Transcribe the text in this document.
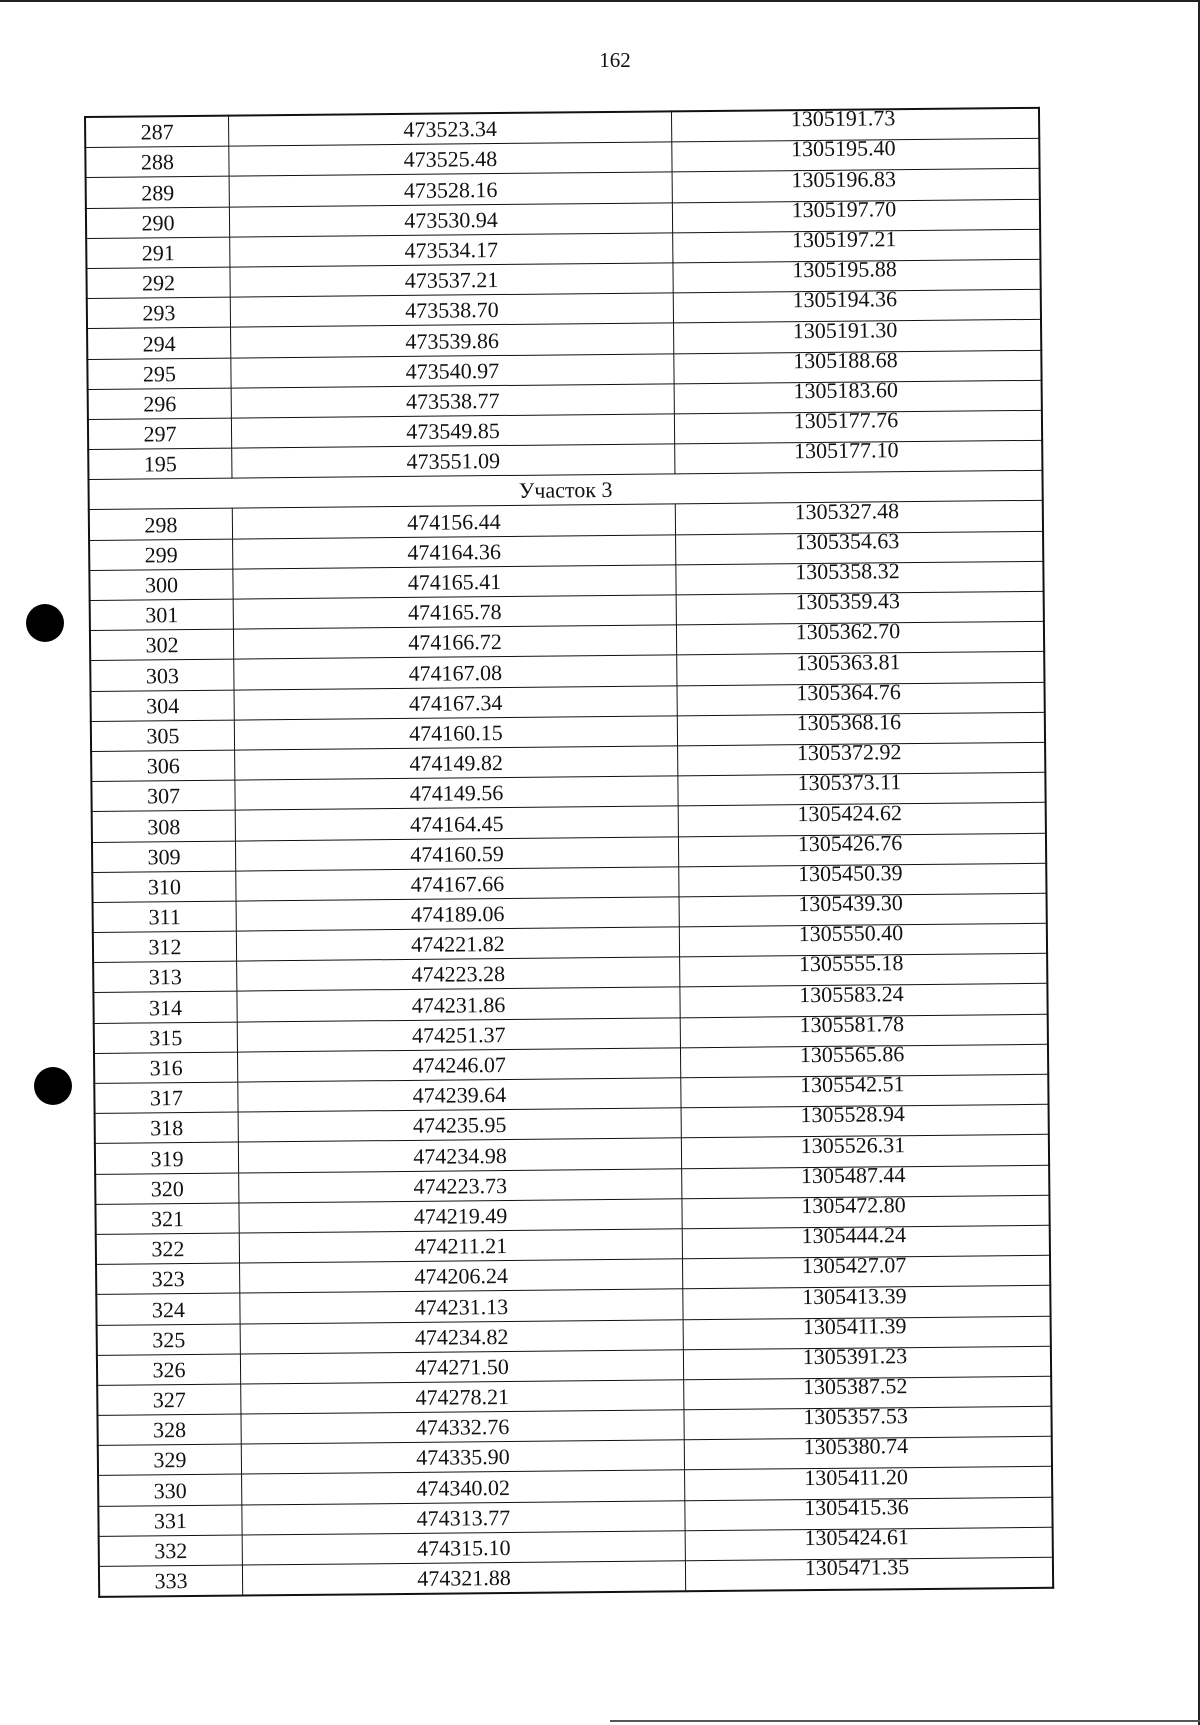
162
287	473523.34	1305191.73
288	473525.48	1305195.40
289	473528.16	1305196.83
290	473530.94	1305197.70
291	473534.17	1305197.21
292	473537.21	1305195.88
293	473538.70	1305194.36
294	473539.86	1305191.30
295	473540.97	1305188.68
296	473538.77	1305183.60
297	473549.85	1305177.76
195	473551.09	1305177.10
Участок 3		
298	474156.44	1305327.48
299	474164.36	1305354.63
300	474165.41	1305358.32
301	474165.78	1305359.43
302	474166.72	1305362.70
303	474167.08	1305363.81
304	474167.34	1305364.76
305	474160.15	1305368.16
306	474149.82	1305372.92
307	474149.56	1305373.11
308	474164.45	1305424.62
309	474160.59	1305426.76
310	474167.66	1305450.39
311	474189.06	1305439.30
312	474221.82	1305550.40
313	474223.28	1305555.18
314	474231.86	1305583.24
315	474251.37	1305581.78
316	474246.07	1305565.86
317	474239.64	1305542.51
318	474235.95	1305528.94
319	474234.98	1305526.31
320	474223.73	1305487.44
321	474219.49	1305472.80
322	474211.21	1305444.24
323	474206.24	1305427.07
324	474231.13	1305413.39
325	474234.82	1305411.39
326	474271.50	1305391.23
327	474278.21	1305387.52
328	474332.76	1305357.53
329	474335.90	1305380.74
330	474340.02	1305411.20
331	474313.77	1305415.36
332	474315.10	1305424.61
333	474321.88	1305471.35
